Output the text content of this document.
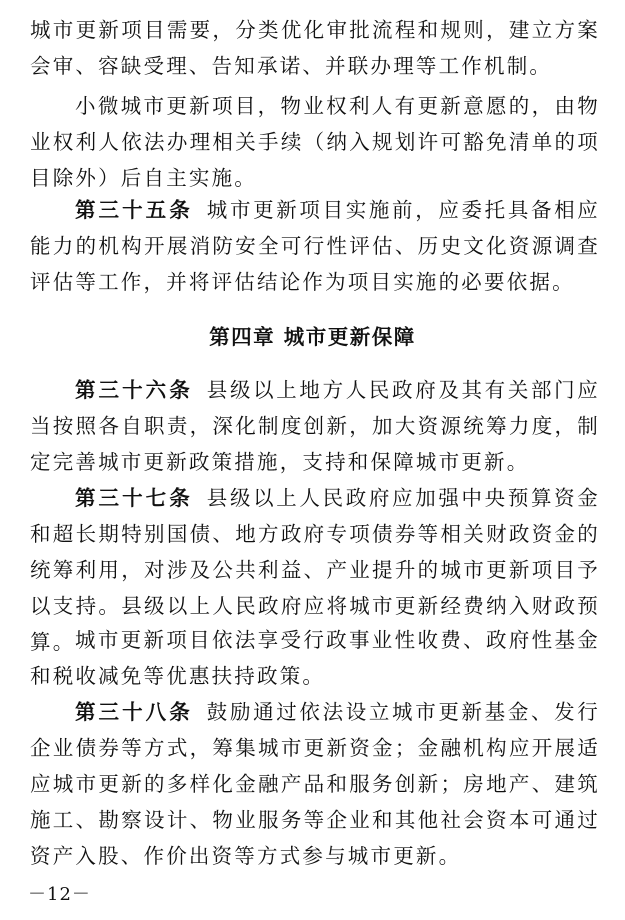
城市更新项目需要，分类优化审批流程和规则，建立方案会审、容缺受理、告知承诺、并联办理等工作机制。

小微城市更新项目，物业权利人有更新意愿的，由物业权利人依法办理相关手续（纳入规划许可豁免清单的项目除外）后自主实施。

第三十五条 城市更新项目实施前，应委托具备相应能力的机构开展消防安全可行性评估、历史文化资源调查评估等工作，并将评估结论作为项目实施的必要依据。

第四章 城市更新保障

第三十六条 县级以上地方人民政府及其有关部门应当按照各自职责，深化制度创新，加大资源统筹力度，制定完善城市更新政策措施，支持和保障城市更新。

第三十七条 县级以上人民政府应加强中央预算资金和超长期特别国债、地方政府专项债券等相关财政资金的统筹利用，对涉及公共利益、产业提升的城市更新项目予以支持。县级以上人民政府应将城市更新经费纳入财政预算。 城市更新项目依法享受行政事业性收费、政府性基金和税收减免等优惠扶持政策。

第三十八条 鼓励通过依法设立城市更新基金、发行企业债券等方式，筹集城市更新资金；金融机构应开展适应城市更新的多样化金融产品和服务创新；房地产、建筑施工、勘察设计、物业服务等企业和其他社会资本可通过资产入股、作价出资等方式参与城市更新。

－12－
